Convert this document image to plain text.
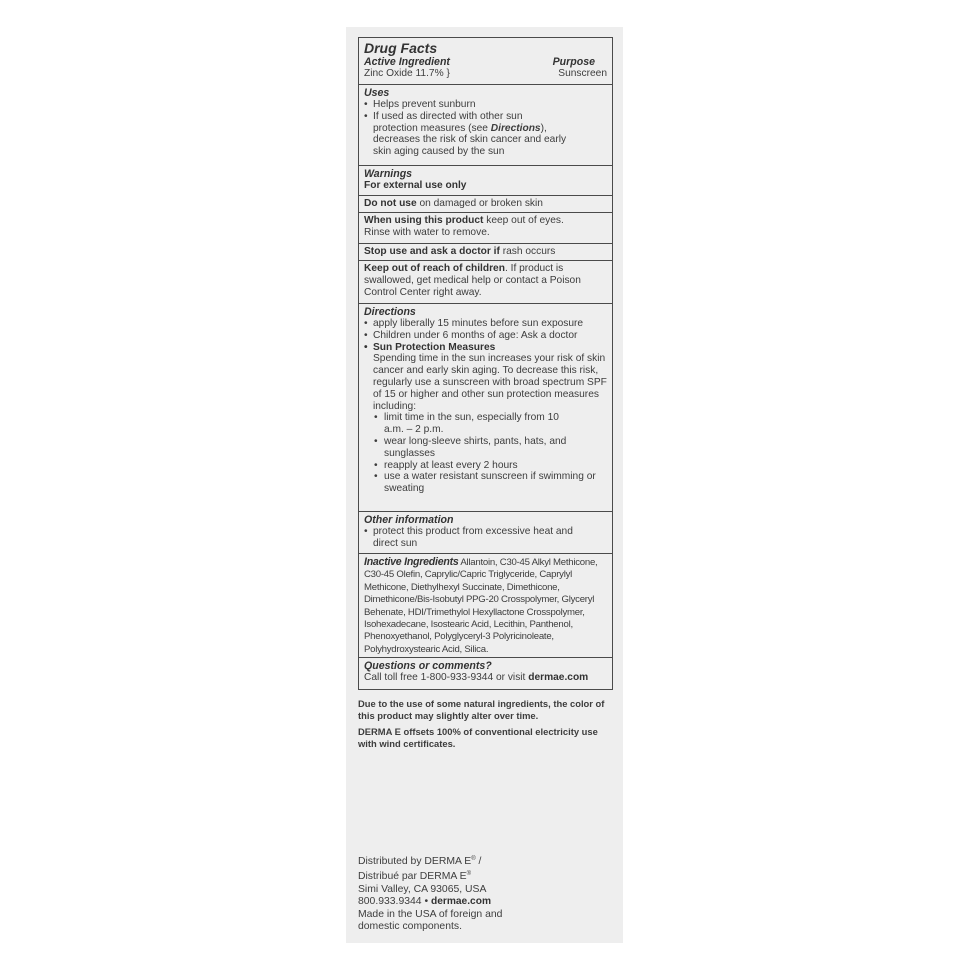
Drug Facts
Active Ingredient	Purpose
Zinc Oxide 11.7% }	Sunscreen
Uses
• Helps prevent sunburn
• If used as directed with other sun protection measures (see Directions), decreases the risk of skin cancer and early skin aging caused by the sun
Warnings
For external use only
Do not use on damaged or broken skin
When using this product keep out of eyes. Rinse with water to remove.
Stop use and ask a doctor if rash occurs
Keep out of reach of children. If product is swallowed, get medical help or contact a Poison Control Center right away.
Directions
• apply liberally 15 minutes before sun exposure
• Children under 6 months of age: Ask a doctor
• Sun Protection Measures
Spending time in the sun increases your risk of skin cancer and early skin aging. To decrease this risk, regularly use a sunscreen with broad spectrum SPF of 15 or higher and other sun protection measures including:
• limit time in the sun, especially from 10 a.m. – 2 p.m.
• wear long-sleeve shirts, pants, hats, and sunglasses
• reapply at least every 2 hours
• use a water resistant sunscreen if swimming or sweating
Other information
• protect this product from excessive heat and direct sun
Inactive Ingredients Allantoin, C30-45 Alkyl Methicone, C30-45 Olefin, Caprylic/Capric Triglyceride, Caprylyl Methicone, Diethylhexyl Succinate, Dimethicone, Dimethicone/Bis-Isobutyl PPG-20 Crosspolymer, Glyceryl Behenate, HDI/Trimethylol Hexyllactone Crosspolymer, Isohexadecane, Isostearic Acid, Lecithin, Panthenol, Phenoxyethanol, Polyglyceryl-3 Polyricinoleate, Polyhydroxystearic Acid, Silica.
Questions or comments?
Call toll free 1-800-933-9344 or visit dermae.com
Due to the use of some natural ingredients, the color of this product may slightly alter over time.
DERMA E offsets 100% of conventional electricity use with wind certificates.
Distributed by DERMA E® /
Distribué par DERMA E®
Simi Valley, CA 93065, USA
800.933.9344 • dermae.com
Made in the USA of foreign and domestic components.
